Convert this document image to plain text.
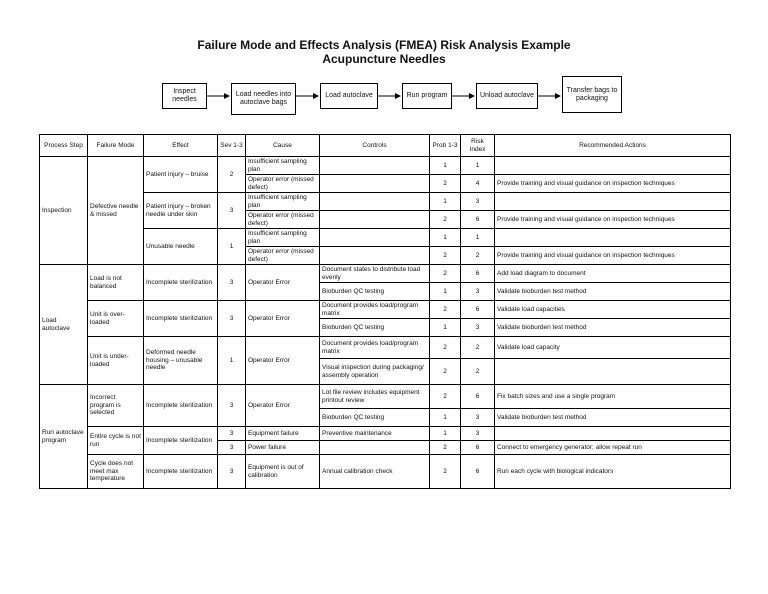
Failure Mode and Effects Analysis (FMEA) Risk Analysis Example
Acupuncture Needles
Inspect needles
Load needles into autoclave bags
Load autoclave	Run program	Unload autoclave
Transfer bags to packaging
Process Step	Failure Mode	Effect	Sev 1-3	Cause	Controls	Prob 1-3	Risk Index	Recommended Actions
Inspection	Defective needle & missed	Patient injury – bruise	2	Insufficient sampling plan		1	1	
				Operator error (missed defect)		2	4	Provide training and visual guidance on inspection techniques
		Patient injury – broken needle under skin	3	Insufficient sampling plan		1	3	
				Operator error (missed defect)		2	6	Provide training and visual guidance on inspection techniques
		Unusable needle	1	Insufficient sampling plan		1	1	
				Operator error (missed defect)		2	2	Provide training and visual guidance on inspection techniques
Load autoclave	Load is not balanced	Incomplete sterilization	3	Operator Error	Document states to distribute load evenly	2	6	Add load diagram to document
					Bioburden QC testing	1	3	Validate bioburden test method
	Unit is over-loaded	Incomplete sterilization	3	Operator Error	Document provides load/program matrix	2	6	Validate load capacities
					Bioburden QC testing	1	3	Validate bioburden test method
	Unit is under-loaded	Deformed needle housing – unusable needle	1	Operator Error	Document provides load/program matrix	2	2	Validate load capacity
					Visual inspection during packaging/ assembly operation	2	2	
Run autoclave program	Incorrect program is selected	Incomplete sterilization	3	Operator Error	Lot file review includes equipment printout review	2	6	Fix batch sizes and use a single program
					Bioburden QC testing	1	3	Validate bioburden test method
	Entire cycle is not run	Incomplete sterilization	3	Equipment failure	Preventive maintenance	1	3	
			3	Power failure		2	6	Connect to emergency generator; allow repeat run
	Cycle does not meet max temperature	Incomplete sterilization	3	Equipment is out of calibration	Annual calibration check	2	6	Run each cycle with biological indicators
